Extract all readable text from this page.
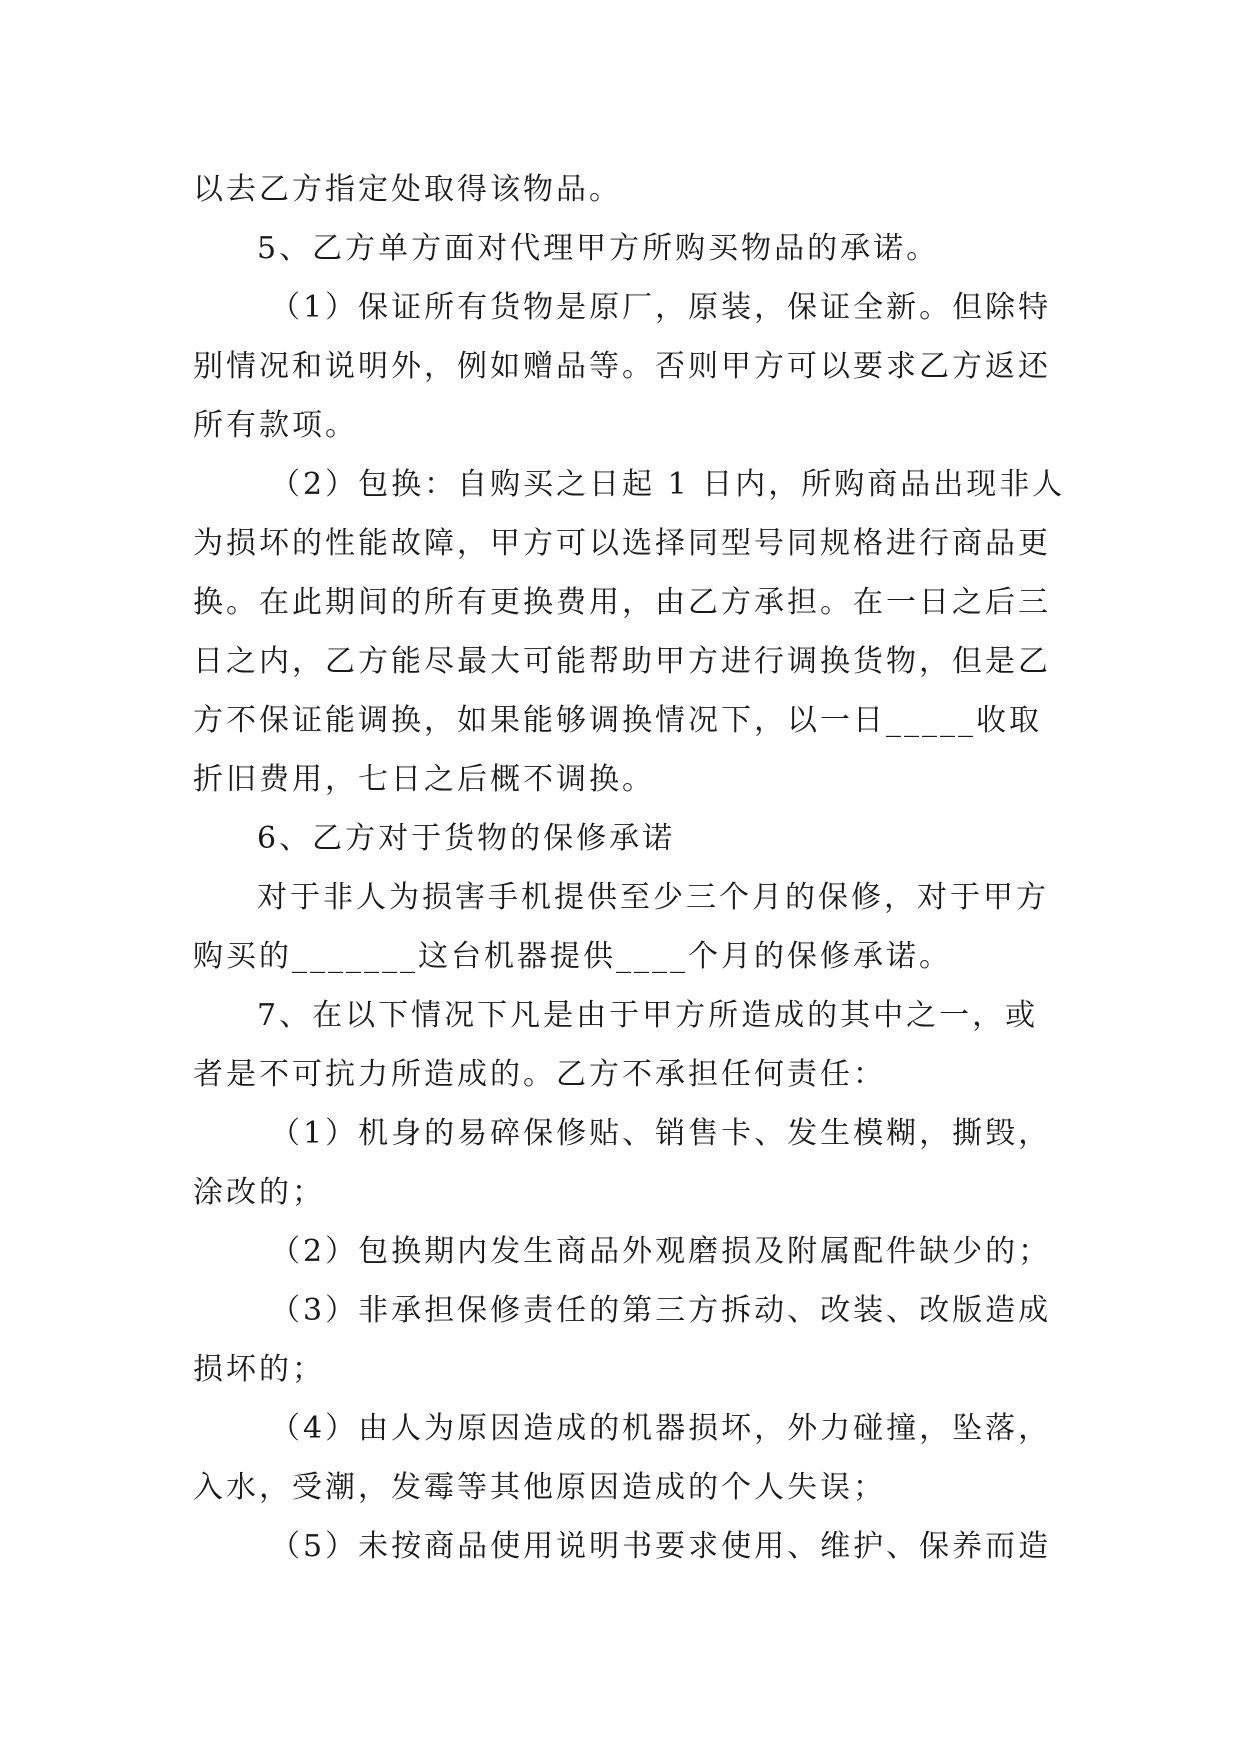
以去乙方指定处取得该物品。
5、乙方单方面对代理甲方所购买物品的承诺。
（1）保证所有货物是原厂，原装，保证全新。但除特
别情况和说明外，例如赠品等。否则甲方可以要求乙方返还
所有款项。
（2）包换：自购买之日起 1 日内，所购商品出现非人
为损坏的性能故障，甲方可以选择同型号同规格进行商品更
换。在此期间的所有更换费用，由乙方承担。在一日之后三
日之内，乙方能尽最大可能帮助甲方进行调换货物，但是乙
方不保证能调换，如果能够调换情况下，以一日_____收取
折旧费用，七日之后概不调换。
6、乙方对于货物的保修承诺
对于非人为损害手机提供至少三个月的保修，对于甲方
购买的_______这台机器提供____个月的保修承诺。
7、在以下情况下凡是由于甲方所造成的其中之一，或
者是不可抗力所造成的。乙方不承担任何责任：
（1）机身的易碎保修贴、销售卡、发生模糊，撕毁，
涂改的；
（2）包换期内发生商品外观磨损及附属配件缺少的；
（3）非承担保修责任的第三方拆动、改装、改版造成
损坏的；
（4）由人为原因造成的机器损坏，外力碰撞，坠落，
入水，受潮，发霉等其他原因造成的个人失误；
（5）未按商品使用说明书要求使用、维护、保养而造
